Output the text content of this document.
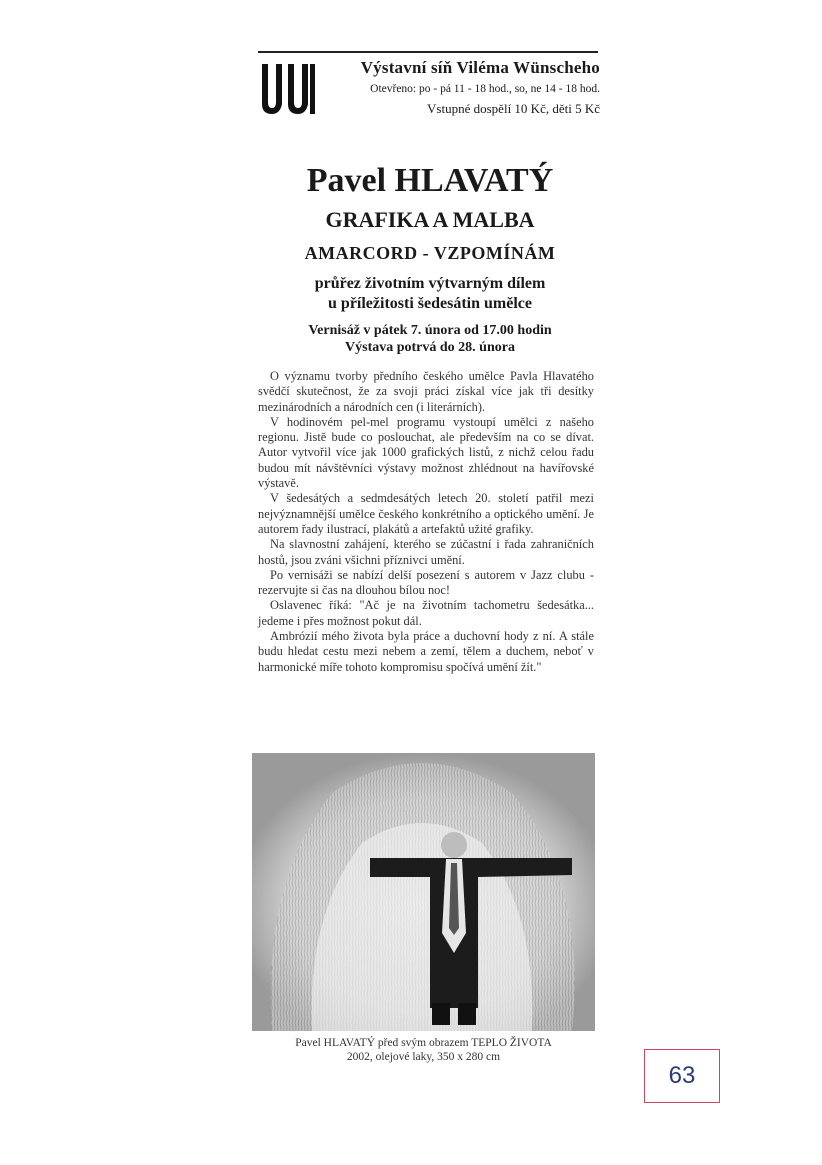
Výstavní síň Viléma Wünscheho
Otevřeno: po - pá 11 - 18 hod., so, ne 14 - 18 hod.
Vstupné dospělí 10 Kč, děti 5 Kč
Pavel HLAVATÝ
GRAFIKA A MALBA
AMARCORD - VZPOMÍNÁM
průřez životním výtvarným dílem
u příležitosti šedesátin umělce
Vernisáž v pátek 7. února od 17.00 hodin
Výstava potrvá do 28. února

O významu tvorby předního českého umělce Pavla Hlavatého svědčí skutečnost, že za svoji práci získal více jak tři desítky mezinárodních a národních cen (i literárních).

V hodinovém pel-mel programu vystoupí umělci z našeho regionu. Jistě bude co poslouchat, ale především na co se dívat. Autor vytvořil více jak 1000 grafických listů, z nichž celou řadu budou mít návštěvníci výstavy možnost zhlédnout na havířovské výstavě.

V šedesátých a sedmdesátých letech 20. století patřil mezi nejvýznamnější umělce českého konkrétního a optického umění. Je autorem řady ilustrací, plakátů a artefaktů užité grafiky.

Na slavnostní zahájení, kterého se zúčastní i řada zahraničních hostů, jsou zváni všichni příznivci umění.

Po vernisáži se nabízí delší posezení s autorem v Jazz clubu - rezervujte si čas na dlouhou bílou noc!

Oslavenec říká: "Ač je na životním tachometru šedesátka... jedeme i přes možnost pokut dál.

Ambrózií mého života byla práce a duchovní hody z ní. A stále budu hledat cestu mezi nebem a zemí, tělem a duchem, neboť v harmonické míře tohoto kompromisu spočívá umění žít."

Pavel HLAVATÝ před svým obrazem TEPLO ŽIVOTA
2002, olejové laky, 350 x 280 cm
63
